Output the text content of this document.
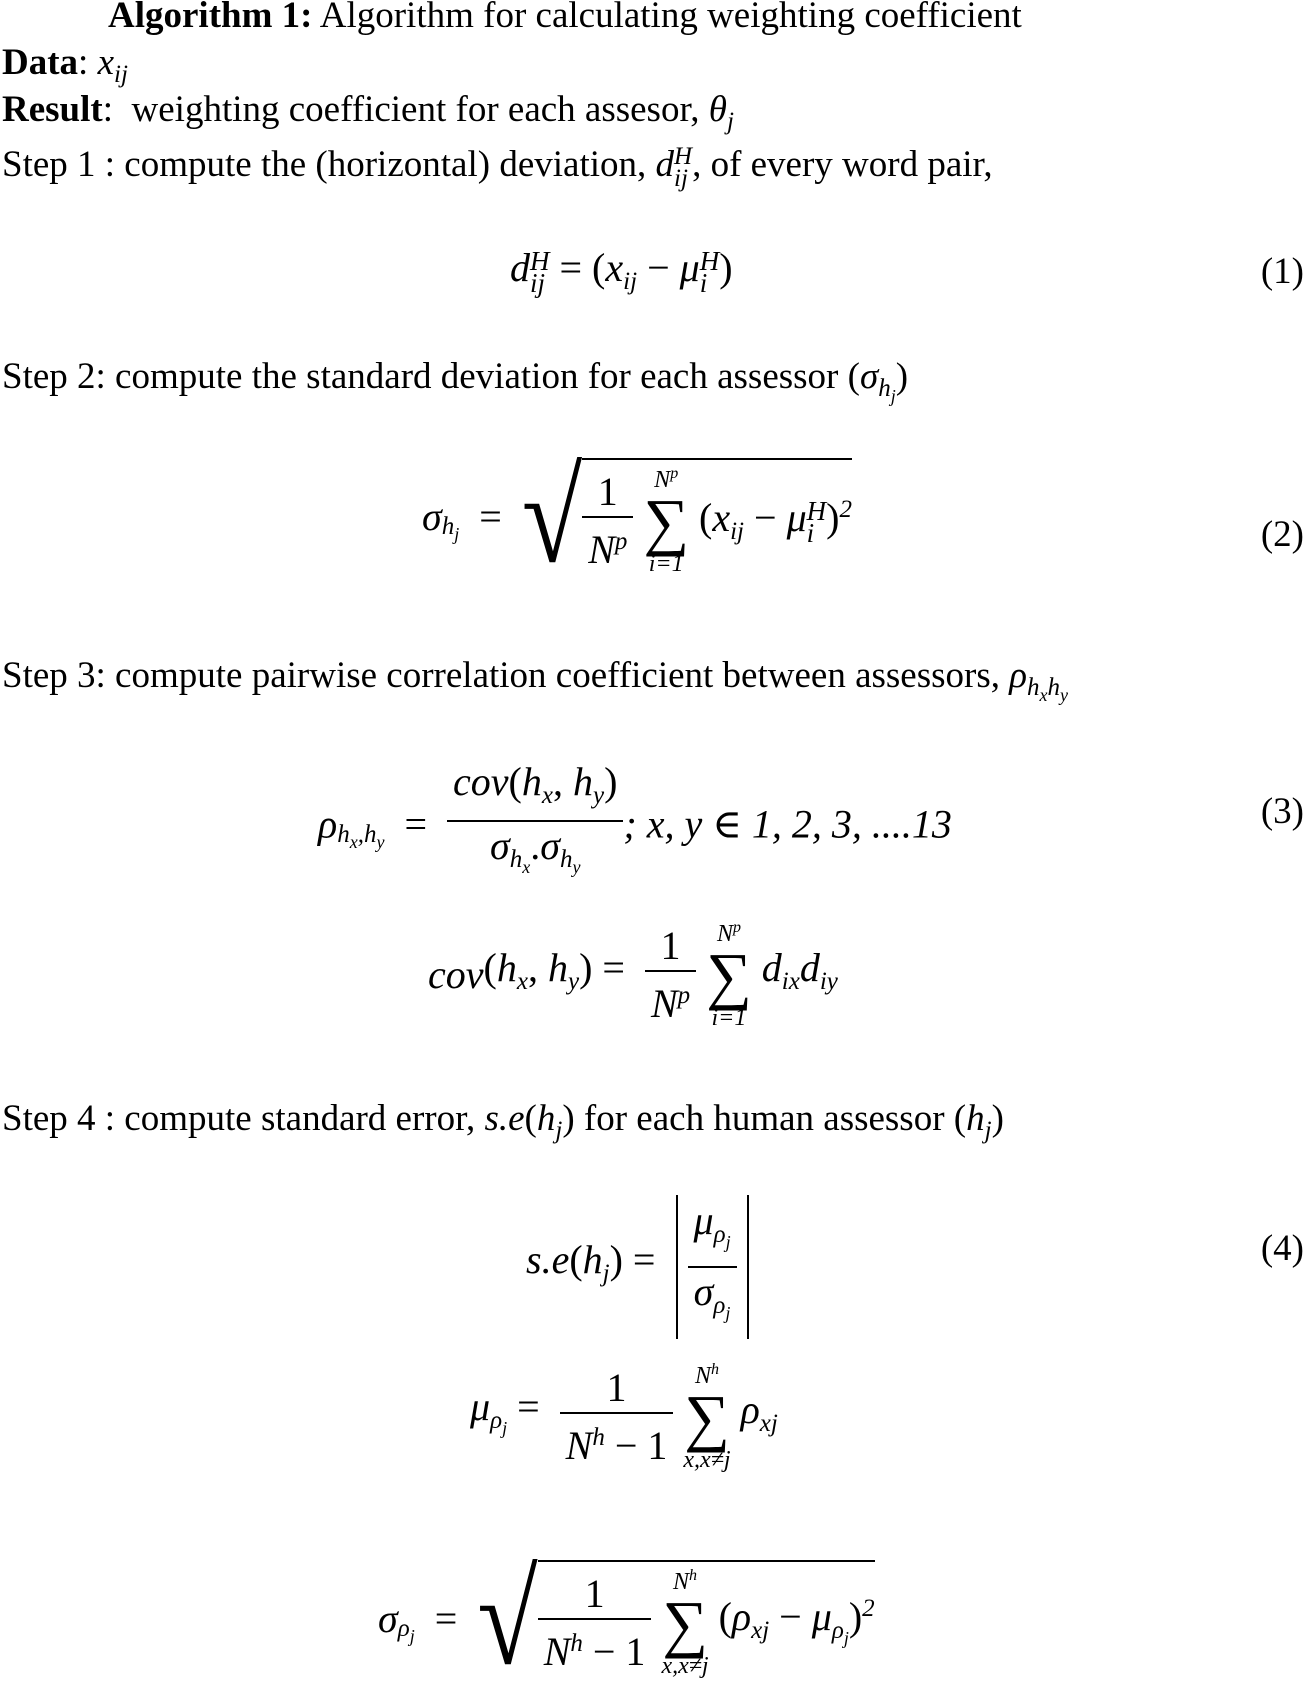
Algorithm 1: Algorithm for calculating weighting coefficient
Data: $x_{ij}$
Result:  weighting coefficient for each assesor, $\theta_j$
Step 1 : compute the (horizontal) deviation, d H
ij , of every word pair,
d H
ij = ($x_{ij} - \mu$ H
i )	(1)
Step 2: compute the standard deviation for each assessor $(\sigma_{h_j})$
$\sigma_{h_j}$  =  √ $\frac{1}{N^p}$
$N^p$
∑
i=1
($x_{ij} - \mu$ H
i )$^2$
(2)
Step 3: compute pairwise correlation coefficient between assessors, $\rho_{h_xh_y}$
$\rho_{h_x,h_y} = \frac{cov(h_x, h_y)}{\sigma_{h_x}.\sigma_{h_y}}$ ; x, y ∈ 1, 2, 3, ....13	(3)
$cov(h_x$, $h_y) = \frac{1}{N^p}$
$N^p$
∑
i=1
$d_{ix}d_{iy}$
Step 4 : compute standard error, $s.e(h_j)$ for each human assessor $(h_j)$
$s.e(h_j) = \frac{\mu_{\rho_j}}{\sigma_{\rho_j}}$	(4)
$\mu_{\rho_j} = \frac{1}{N^h - 1}$
$N^h$
∑
x,x≠j
$\rho_{xj}$
$\sigma_{\rho_j}$  =  √ $\frac{1}{N^h - 1}$
$N^h$
∑
x,x≠j
$(\rho_{xj} - \mu_{\rho_j})^2$
